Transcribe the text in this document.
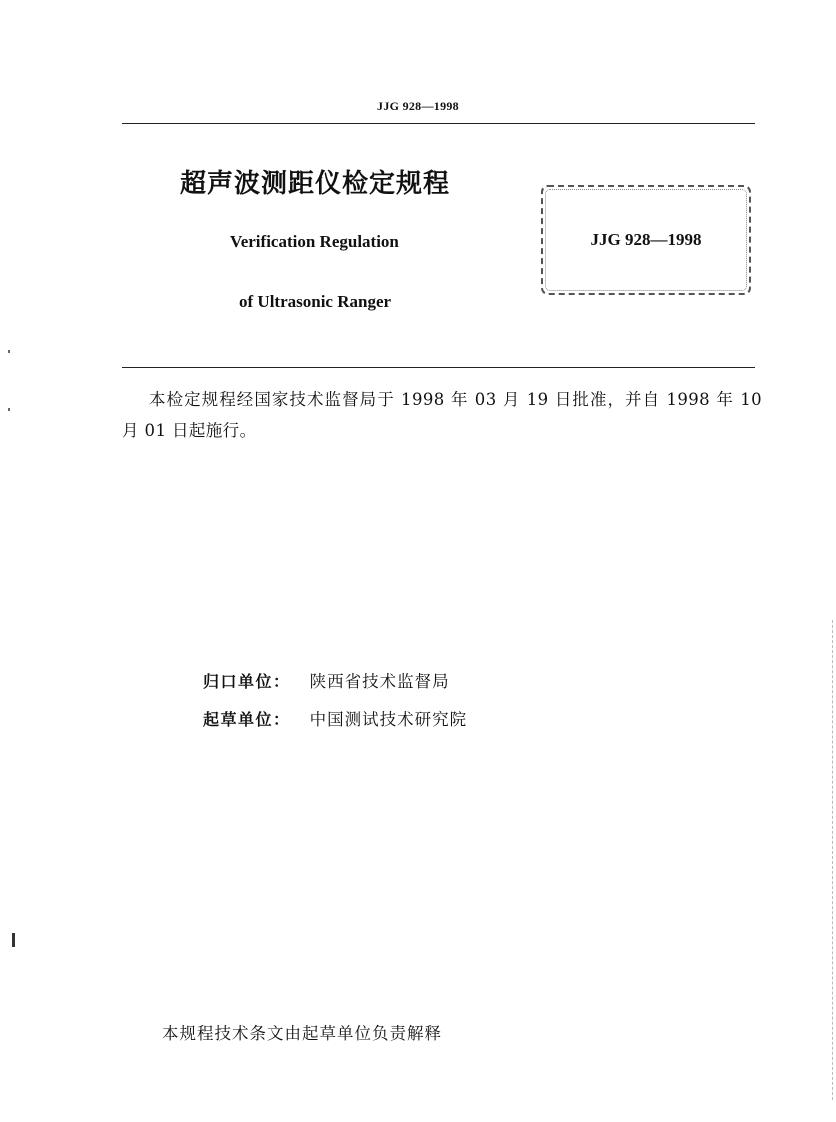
JJG 928—1998
超声波测距仪检定规程
Verification Regulation
of Ultrasonic Ranger
JJG 928—1998
本检定规程经国家技术监督局于 1998 年 03 月 19 日批准，并自 1998 年 10 月 01 日起施行。
归口单位： 陕西省技术监督局
起草单位： 中国测试技术研究院
本规程技术条文由起草单位负责解释
